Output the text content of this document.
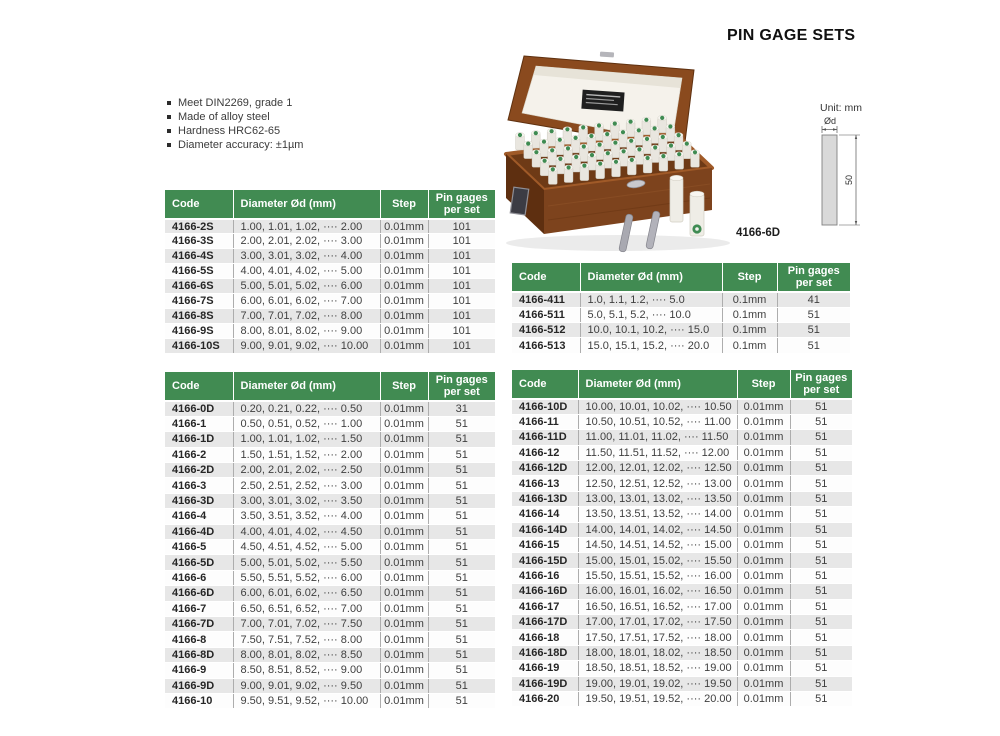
PIN GAGE SETS
Meet DIN2269, grade 1
Made of alloy steel
Hardness HRC62-65
Diameter accuracy: ±1µm
4166-6D
Unit: mm
Ød
50
Code	Diameter Ød (mm)	Step	Pin gages per set
4166-2S	1.00, 1.01, 1.02, ···· 2.00	0.01mm	101
4166-3S	2.00, 2.01, 2.02, ···· 3.00	0.01mm	101
4166-4S	3.00, 3.01, 3.02, ···· 4.00	0.01mm	101
4166-5S	4.00, 4.01, 4.02, ···· 5.00	0.01mm	101
4166-6S	5.00, 5.01, 5.02, ···· 6.00	0.01mm	101
4166-7S	6.00, 6.01, 6.02, ···· 7.00	0.01mm	101
4166-8S	7.00, 7.01, 7.02, ···· 8.00	0.01mm	101
4166-9S	8.00, 8.01, 8.02, ···· 9.00	0.01mm	101
4166-10S	9.00, 9.01, 9.02, ···· 10.00	0.01mm	101
Code	Diameter Ød (mm)	Step	Pin gages per set
4166-411	1.0, 1.1, 1.2, ···· 5.0	0.1mm	41
4166-511	5.0, 5.1, 5.2, ···· 10.0	0.1mm	51
4166-512	10.0, 10.1, 10.2, ···· 15.0	0.1mm	51
4166-513	15.0, 15.1, 15.2, ···· 20.0	0.1mm	51
Code	Diameter Ød (mm)	Step	Pin gages per set
4166-0D	0.20, 0.21, 0.22, ···· 0.50	0.01mm	31
4166-1	0.50, 0.51, 0.52, ···· 1.00	0.01mm	51
4166-1D	1.00, 1.01, 1.02, ···· 1.50	0.01mm	51
4166-2	1.50, 1.51, 1.52, ···· 2.00	0.01mm	51
4166-2D	2.00, 2.01, 2.02, ···· 2.50	0.01mm	51
4166-3	2.50, 2.51, 2.52, ···· 3.00	0.01mm	51
4166-3D	3.00, 3.01, 3.02, ···· 3.50	0.01mm	51
4166-4	3.50, 3.51, 3.52, ···· 4.00	0.01mm	51
4166-4D	4.00, 4.01, 4.02, ···· 4.50	0.01mm	51
4166-5	4.50, 4.51, 4.52, ···· 5.00	0.01mm	51
4166-5D	5.00, 5.01, 5.02, ···· 5.50	0.01mm	51
4166-6	5.50, 5.51, 5.52, ···· 6.00	0.01mm	51
4166-6D	6.00, 6.01, 6.02, ···· 6.50	0.01mm	51
4166-7	6.50, 6.51, 6.52, ···· 7.00	0.01mm	51
4166-7D	7.00, 7.01, 7.02, ···· 7.50	0.01mm	51
4166-8	7.50, 7.51, 7.52, ···· 8.00	0.01mm	51
4166-8D	8.00, 8.01, 8.02, ···· 8.50	0.01mm	51
4166-9	8.50, 8.51, 8.52, ···· 9.00	0.01mm	51
4166-9D	9.00, 9.01, 9.02, ···· 9.50	0.01mm	51
4166-10	9.50, 9.51, 9.52, ···· 10.00	0.01mm	51
Code	Diameter Ød (mm)	Step	Pin gages per set
4166-10D	10.00, 10.01, 10.02, ···· 10.50	0.01mm	51
4166-11	10.50, 10.51, 10.52, ···· 11.00	0.01mm	51
4166-11D	11.00, 11.01, 11.02, ···· 11.50	0.01mm	51
4166-12	11.50, 11.51, 11.52, ···· 12.00	0.01mm	51
4166-12D	12.00, 12.01, 12.02, ···· 12.50	0.01mm	51
4166-13	12.50, 12.51, 12.52, ···· 13.00	0.01mm	51
4166-13D	13.00, 13.01, 13.02, ···· 13.50	0.01mm	51
4166-14	13.50, 13.51, 13.52, ···· 14.00	0.01mm	51
4166-14D	14.00, 14.01, 14.02, ···· 14.50	0.01mm	51
4166-15	14.50, 14.51, 14.52, ···· 15.00	0.01mm	51
4166-15D	15.00, 15.01, 15.02, ···· 15.50	0.01mm	51
4166-16	15.50, 15.51, 15.52, ···· 16.00	0.01mm	51
4166-16D	16.00, 16.01, 16.02, ···· 16.50	0.01mm	51
4166-17	16.50, 16.51, 16.52, ···· 17.00	0.01mm	51
4166-17D	17.00, 17.01, 17.02, ···· 17.50	0.01mm	51
4166-18	17.50, 17.51, 17.52, ···· 18.00	0.01mm	51
4166-18D	18.00, 18.01, 18.02, ···· 18.50	0.01mm	51
4166-19	18.50, 18.51, 18.52, ···· 19.00	0.01mm	51
4166-19D	19.00, 19.01, 19.02, ···· 19.50	0.01mm	51
4166-20	19.50, 19.51, 19.52, ···· 20.00	0.01mm	51
